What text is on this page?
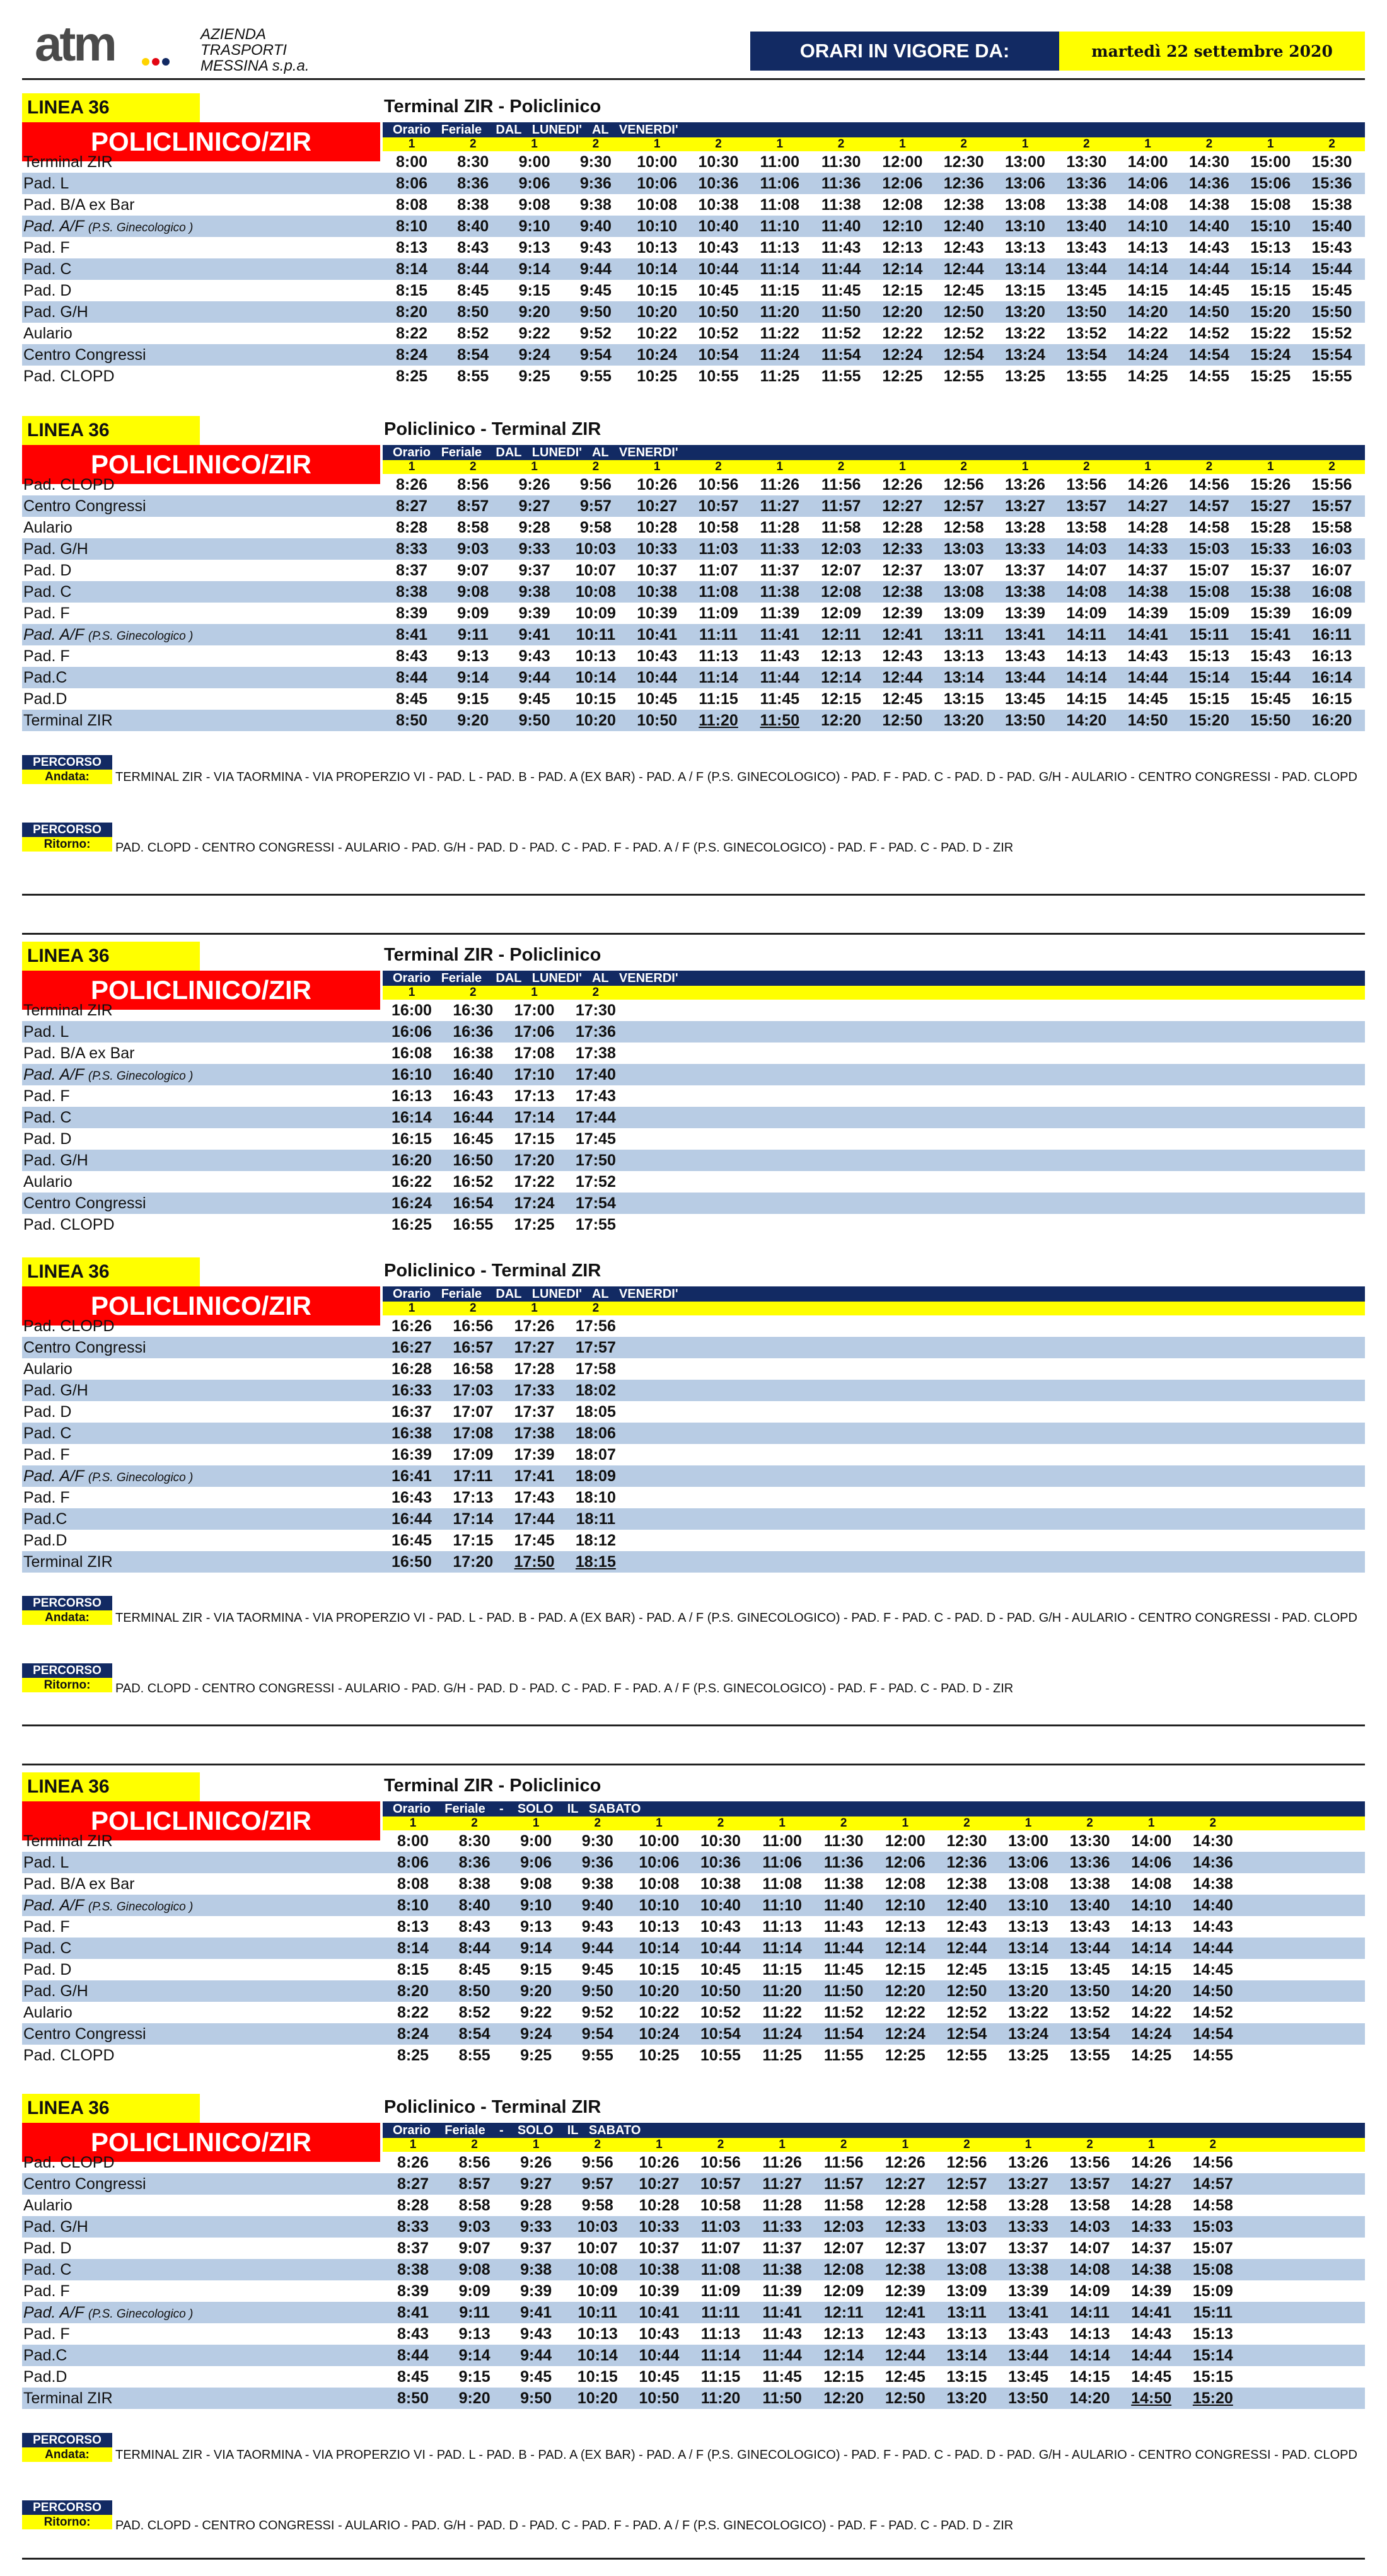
atm	AZIENDA
TRASPORTI
MESSINA s.p.a.
ORARI IN VIGORE DA:	martedì 22 settembre 2020
LINEA 36	Terminal ZIR - Policlinico
POLICLINICO/ZIR	Orario   Feriale    DAL   LUNEDI'   AL   VENERDI'
1	2	1	2	1	2	1	2	1	2	1	2	1	2	1	2
Terminal ZIR	8:00	8:30	9:00	9:30	10:00	10:30	11:00	11:30	12:00	12:30	13:00	13:30	14:00	14:30	15:00	15:30
Pad. L	8:06	8:36	9:06	9:36	10:06	10:36	11:06	11:36	12:06	12:36	13:06	13:36	14:06	14:36	15:06	15:36
Pad. B/A ex Bar	8:08	8:38	9:08	9:38	10:08	10:38	11:08	11:38	12:08	12:38	13:08	13:38	14:08	14:38	15:08	15:38
Pad. A/F (P.S. Ginecologico )	8:10	8:40	9:10	9:40	10:10	10:40	11:10	11:40	12:10	12:40	13:10	13:40	14:10	14:40	15:10	15:40
Pad. F	8:13	8:43	9:13	9:43	10:13	10:43	11:13	11:43	12:13	12:43	13:13	13:43	14:13	14:43	15:13	15:43
Pad. C	8:14	8:44	9:14	9:44	10:14	10:44	11:14	11:44	12:14	12:44	13:14	13:44	14:14	14:44	15:14	15:44
Pad. D	8:15	8:45	9:15	9:45	10:15	10:45	11:15	11:45	12:15	12:45	13:15	13:45	14:15	14:45	15:15	15:45
Pad. G/H	8:20	8:50	9:20	9:50	10:20	10:50	11:20	11:50	12:20	12:50	13:20	13:50	14:20	14:50	15:20	15:50
Aulario	8:22	8:52	9:22	9:52	10:22	10:52	11:22	11:52	12:22	12:52	13:22	13:52	14:22	14:52	15:22	15:52
Centro Congressi	8:24	8:54	9:24	9:54	10:24	10:54	11:24	11:54	12:24	12:54	13:24	13:54	14:24	14:54	15:24	15:54
Pad. CLOPD	8:25	8:55	9:25	9:55	10:25	10:55	11:25	11:55	12:25	12:55	13:25	13:55	14:25	14:55	15:25	15:55
LINEA 36	Policlinico - Terminal ZIR
POLICLINICO/ZIR	Orario   Feriale    DAL   LUNEDI'   AL   VENERDI'
1	2	1	2	1	2	1	2	1	2	1	2	1	2	1	2
Pad. CLOPD	8:26	8:56	9:26	9:56	10:26	10:56	11:26	11:56	12:26	12:56	13:26	13:56	14:26	14:56	15:26	15:56
Centro Congressi	8:27	8:57	9:27	9:57	10:27	10:57	11:27	11:57	12:27	12:57	13:27	13:57	14:27	14:57	15:27	15:57
Aulario	8:28	8:58	9:28	9:58	10:28	10:58	11:28	11:58	12:28	12:58	13:28	13:58	14:28	14:58	15:28	15:58
Pad. G/H	8:33	9:03	9:33	10:03	10:33	11:03	11:33	12:03	12:33	13:03	13:33	14:03	14:33	15:03	15:33	16:03
Pad. D	8:37	9:07	9:37	10:07	10:37	11:07	11:37	12:07	12:37	13:07	13:37	14:07	14:37	15:07	15:37	16:07
Pad. C	8:38	9:08	9:38	10:08	10:38	11:08	11:38	12:08	12:38	13:08	13:38	14:08	14:38	15:08	15:38	16:08
Pad. F	8:39	9:09	9:39	10:09	10:39	11:09	11:39	12:09	12:39	13:09	13:39	14:09	14:39	15:09	15:39	16:09
Pad. A/F (P.S. Ginecologico )	8:41	9:11	9:41	10:11	10:41	11:11	11:41	12:11	12:41	13:11	13:41	14:11	14:41	15:11	15:41	16:11
Pad. F	8:43	9:13	9:43	10:13	10:43	11:13	11:43	12:13	12:43	13:13	13:43	14:13	14:43	15:13	15:43	16:13
Pad.C	8:44	9:14	9:44	10:14	10:44	11:14	11:44	12:14	12:44	13:14	13:44	14:14	14:44	15:14	15:44	16:14
Pad.D	8:45	9:15	9:45	10:15	10:45	11:15	11:45	12:15	12:45	13:15	13:45	14:15	14:45	15:15	15:45	16:15
Terminal ZIR	8:50	9:20	9:50	10:20	10:50	11:20	11:50	12:20	12:50	13:20	13:50	14:20	14:50	15:20	15:50	16:20
LINEA 36	Terminal ZIR - Policlinico
POLICLINICO/ZIR	Orario   Feriale    DAL   LUNEDI'   AL   VENERDI'
1	2	1	2
Terminal ZIR	16:00	16:30	17:00	17:30
Pad. L	16:06	16:36	17:06	17:36
Pad. B/A ex Bar	16:08	16:38	17:08	17:38
Pad. A/F (P.S. Ginecologico )	16:10	16:40	17:10	17:40
Pad. F	16:13	16:43	17:13	17:43
Pad. C	16:14	16:44	17:14	17:44
Pad. D	16:15	16:45	17:15	17:45
Pad. G/H	16:20	16:50	17:20	17:50
Aulario	16:22	16:52	17:22	17:52
Centro Congressi	16:24	16:54	17:24	17:54
Pad. CLOPD	16:25	16:55	17:25	17:55
LINEA 36	Policlinico - Terminal ZIR
POLICLINICO/ZIR	Orario   Feriale    DAL   LUNEDI'   AL   VENERDI'
1	2	1	2
Pad. CLOPD	16:26	16:56	17:26	17:56
Centro Congressi	16:27	16:57	17:27	17:57
Aulario	16:28	16:58	17:28	17:58
Pad. G/H	16:33	17:03	17:33	18:02
Pad. D	16:37	17:07	17:37	18:05
Pad. C	16:38	17:08	17:38	18:06
Pad. F	16:39	17:09	17:39	18:07
Pad. A/F (P.S. Ginecologico )	16:41	17:11	17:41	18:09
Pad. F	16:43	17:13	17:43	18:10
Pad.C	16:44	17:14	17:44	18:11
Pad.D	16:45	17:15	17:45	18:12
Terminal ZIR	16:50	17:20	17:50	18:15
LINEA 36	Terminal ZIR - Policlinico
POLICLINICO/ZIR	Orario    Feriale    -    SOLO    IL   SABATO
1	2	1	2	1	2	1	2	1	2	1	2	1	2
Terminal ZIR	8:00	8:30	9:00	9:30	10:00	10:30	11:00	11:30	12:00	12:30	13:00	13:30	14:00	14:30
Pad. L	8:06	8:36	9:06	9:36	10:06	10:36	11:06	11:36	12:06	12:36	13:06	13:36	14:06	14:36
Pad. B/A ex Bar	8:08	8:38	9:08	9:38	10:08	10:38	11:08	11:38	12:08	12:38	13:08	13:38	14:08	14:38
Pad. A/F (P.S. Ginecologico )	8:10	8:40	9:10	9:40	10:10	10:40	11:10	11:40	12:10	12:40	13:10	13:40	14:10	14:40
Pad. F	8:13	8:43	9:13	9:43	10:13	10:43	11:13	11:43	12:13	12:43	13:13	13:43	14:13	14:43
Pad. C	8:14	8:44	9:14	9:44	10:14	10:44	11:14	11:44	12:14	12:44	13:14	13:44	14:14	14:44
Pad. D	8:15	8:45	9:15	9:45	10:15	10:45	11:15	11:45	12:15	12:45	13:15	13:45	14:15	14:45
Pad. G/H	8:20	8:50	9:20	9:50	10:20	10:50	11:20	11:50	12:20	12:50	13:20	13:50	14:20	14:50
Aulario	8:22	8:52	9:22	9:52	10:22	10:52	11:22	11:52	12:22	12:52	13:22	13:52	14:22	14:52
Centro Congressi	8:24	8:54	9:24	9:54	10:24	10:54	11:24	11:54	12:24	12:54	13:24	13:54	14:24	14:54
Pad. CLOPD	8:25	8:55	9:25	9:55	10:25	10:55	11:25	11:55	12:25	12:55	13:25	13:55	14:25	14:55
LINEA 36	Policlinico - Terminal ZIR
POLICLINICO/ZIR	Orario    Feriale    -    SOLO    IL   SABATO
1	2	1	2	1	2	1	2	1	2	1	2	1	2
Pad. CLOPD	8:26	8:56	9:26	9:56	10:26	10:56	11:26	11:56	12:26	12:56	13:26	13:56	14:26	14:56
Centro Congressi	8:27	8:57	9:27	9:57	10:27	10:57	11:27	11:57	12:27	12:57	13:27	13:57	14:27	14:57
Aulario	8:28	8:58	9:28	9:58	10:28	10:58	11:28	11:58	12:28	12:58	13:28	13:58	14:28	14:58
Pad. G/H	8:33	9:03	9:33	10:03	10:33	11:03	11:33	12:03	12:33	13:03	13:33	14:03	14:33	15:03
Pad. D	8:37	9:07	9:37	10:07	10:37	11:07	11:37	12:07	12:37	13:07	13:37	14:07	14:37	15:07
Pad. C	8:38	9:08	9:38	10:08	10:38	11:08	11:38	12:08	12:38	13:08	13:38	14:08	14:38	15:08
Pad. F	8:39	9:09	9:39	10:09	10:39	11:09	11:39	12:09	12:39	13:09	13:39	14:09	14:39	15:09
Pad. A/F (P.S. Ginecologico )	8:41	9:11	9:41	10:11	10:41	11:11	11:41	12:11	12:41	13:11	13:41	14:11	14:41	15:11
Pad. F	8:43	9:13	9:43	10:13	10:43	11:13	11:43	12:13	12:43	13:13	13:43	14:13	14:43	15:13
Pad.C	8:44	9:14	9:44	10:14	10:44	11:14	11:44	12:14	12:44	13:14	13:44	14:14	14:44	15:14
Pad.D	8:45	9:15	9:45	10:15	10:45	11:15	11:45	12:15	12:45	13:15	13:45	14:15	14:45	15:15
Terminal ZIR	8:50	9:20	9:50	10:20	10:50	11:20	11:50	12:20	12:50	13:20	13:50	14:20	14:50	15:20
PERCORSO
Andata:	TERMINAL ZIR - VIA TAORMINA - VIA PROPERZIO VI - PAD. L - PAD. B - PAD. A (EX BAR) - PAD. A / F (P.S. GINECOLOGICO) - PAD. F - PAD. C - PAD. D - PAD. G/H - AULARIO - CENTRO CONGRESSI - PAD. CLOPD
PERCORSO
Ritorno:	PAD. CLOPD - CENTRO CONGRESSI - AULARIO - PAD. G/H - PAD. D - PAD. C - PAD. F - PAD. A / F (P.S. GINECOLOGICO) - PAD. F - PAD. C - PAD. D - ZIR
PERCORSO
Andata:	TERMINAL ZIR - VIA TAORMINA - VIA PROPERZIO VI - PAD. L - PAD. B - PAD. A (EX BAR) - PAD. A / F (P.S. GINECOLOGICO) - PAD. F - PAD. C - PAD. D - PAD. G/H - AULARIO - CENTRO CONGRESSI - PAD. CLOPD
PERCORSO
Ritorno:	PAD. CLOPD - CENTRO CONGRESSI - AULARIO - PAD. G/H - PAD. D - PAD. C - PAD. F - PAD. A / F (P.S. GINECOLOGICO) - PAD. F - PAD. C - PAD. D - ZIR
PERCORSO
Andata:	TERMINAL ZIR - VIA TAORMINA - VIA PROPERZIO VI - PAD. L - PAD. B - PAD. A (EX BAR) - PAD. A / F (P.S. GINECOLOGICO) - PAD. F - PAD. C - PAD. D - PAD. G/H - AULARIO - CENTRO CONGRESSI - PAD. CLOPD
PERCORSO
Ritorno:	PAD. CLOPD - CENTRO CONGRESSI - AULARIO - PAD. G/H - PAD. D - PAD. C - PAD. F - PAD. A / F (P.S. GINECOLOGICO) - PAD. F - PAD. C - PAD. D - ZIR
